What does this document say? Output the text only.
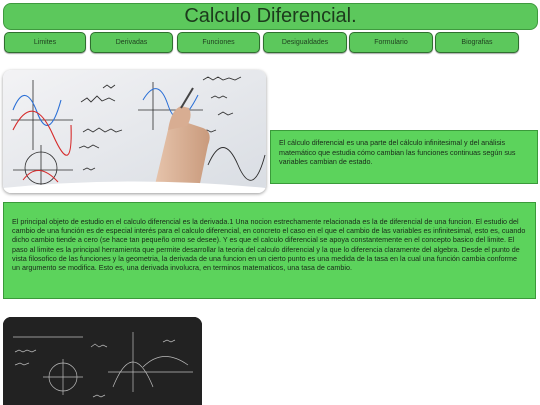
Calculo Diferencial.
Limites	Derivadas	Funciones	Desigualdades	Formulario	Biografias

El cálculo diferencial es una parte del cálculo infinitesimal y del análisis matemático que estudia cómo cambian las funciones continuas según sus variables cambian de estado.

El principal objeto de estudio en el calculo diferencial es la derivada.1 Una nocion estrechamente relacionada es la de diferencial de una funcion. El estudio del cambio de una función es de especial interés para el calculo diferencial, en concreto el caso en el que el cambio de las variables es infinitesimal, esto es, cuando dicho cambio tiende a cero (se hace tan pequeño omo se desee). Y es que el calculo diferencial se apoya constantemente en el concepto basico del limite. El paso al limite es la principal herramienta que permite desarrollar la teoria del calculo diferencial y la que lo diferencia claramente del algebra. Desde el punto de vista filosofico de las funciones y la geometria, la derivada de una funcion en un cierto punto es una medida de la tasa en la cual una función cambia conforme un argumento se modifica. Esto es, una derivada involucra, en terminos matematicos, una tasa de cambio.
